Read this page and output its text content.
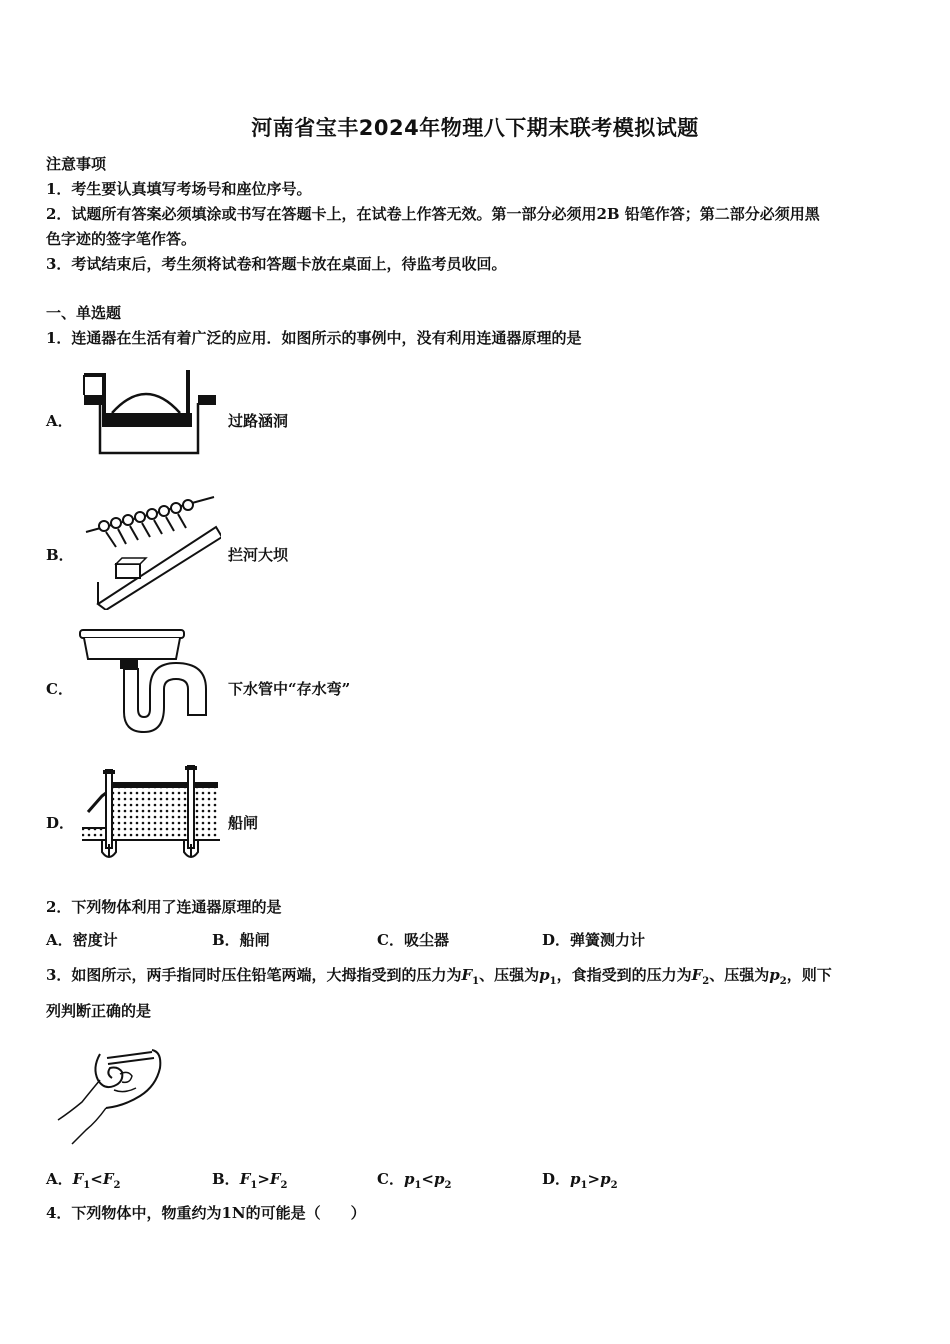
河南省宝丰2024年物理八下期末联考模拟试题
注意事项
1．考生要认真填写考场号和座位序号。
2．试题所有答案必须填涂或书写在答题卡上，在试卷上作答无效。第一部分必须用2B 铅笔作答；第二部分必须用黑
色字迹的签字笔作答。
3．考试结束后，考生须将试卷和答题卡放在桌面上，待监考员收回。
一、单选题
1．连通器在生活有着广泛的应用．如图所示的事例中，没有利用连通器原理的是
A．	过路涵洞
B．	拦河大坝
C．	下水管中“存水弯”
D．	船闸
2．下列物体利用了连通器原理的是
A．密度计	B．船闸	C．吸尘器	D．弹簧测力计
3．如图所示，两手指同时压住铅笔两端，大拇指受到的压力为$F_1$、压强为$p_1$，食指受到的压力为$F_2$、压强为$p_2$，则下
列判断正确的是
A．$F_1<F_2$	B．$F_1>F_2$	C．$p_1<p_2$	D．$p_1>p_2$
4．下列物体中，物重约为1N的可能是（　　）
